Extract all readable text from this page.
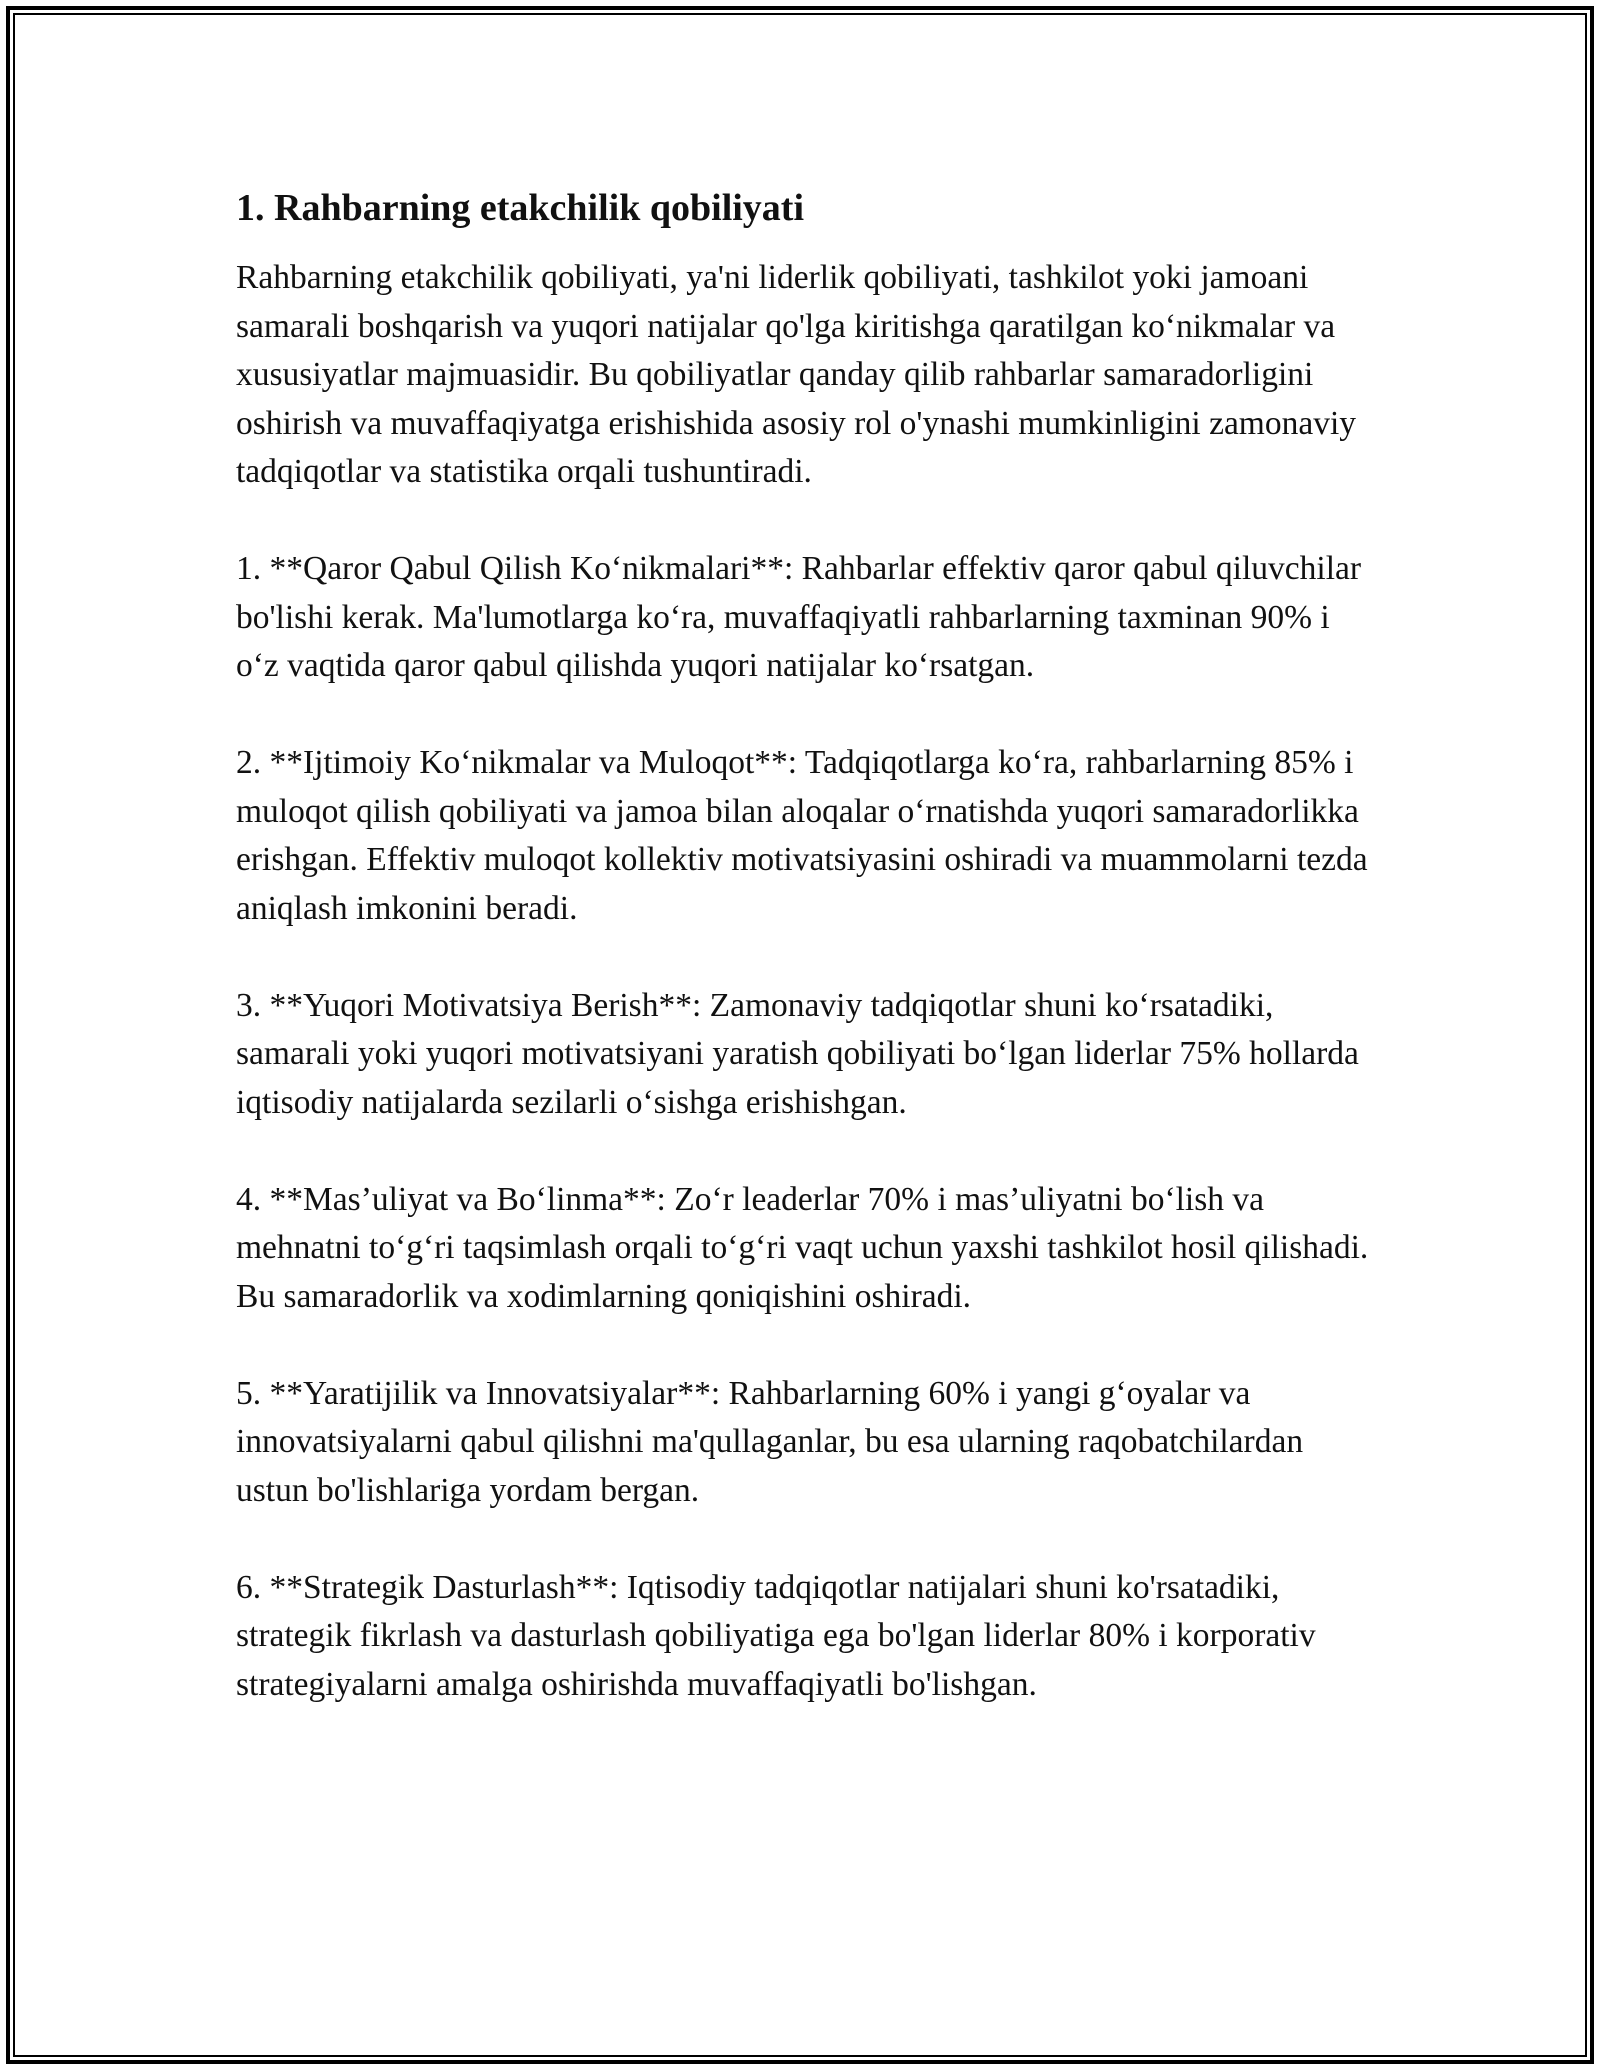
1. Rahbarning etakchilik qobiliyati

Rahbarning etakchilik qobiliyati, ya'ni liderlik qobiliyati, tashkilot yoki jamoani samarali boshqarish va yuqori natijalar qo'lga kiritishga qaratilgan ko‘nikmalar va xususiyatlar majmuasidir. Bu qobiliyatlar qanday qilib rahbarlar samaradorligini oshirish va muvaffaqiyatga erishishida asosiy rol o'ynashi mumkinligini zamonaviy tadqiqotlar va statistika orqali tushuntiradi.

1. **Qaror Qabul Qilish Ko‘nikmalari**: Rahbarlar effektiv qaror qabul qiluvchilar bo'lishi kerak. Ma'lumotlarga ko‘ra, muvaffaqiyatli rahbarlarning taxminan 90% i o‘z vaqtida qaror qabul qilishda yuqori natijalar ko‘rsatgan.

2. **Ijtimoiy Ko‘nikmalar va Muloqot**: Tadqiqotlarga ko‘ra, rahbarlarning 85% i muloqot qilish qobiliyati va jamoa bilan aloqalar o‘rnatishda yuqori samaradorlikka erishgan. Effektiv muloqot kollektiv motivatsiyasini oshiradi va muammolarni tezda aniqlash imkonini beradi.

3. **Yuqori Motivatsiya Berish**: Zamonaviy tadqiqotlar shuni ko‘rsatadiki, samarali yoki yuqori motivatsiyani yaratish qobiliyati bo‘lgan liderlar 75% hollarda iqtisodiy natijalarda sezilarli o‘sishga erishishgan.

4. **Mas’uliyat va Bo‘linma**: Zo‘r leaderlar 70% i mas’uliyatni bo‘lish va mehnatni to‘g‘ri taqsimlash orqali to‘g‘ri vaqt uchun yaxshi tashkilot hosil qilishadi. Bu samaradorlik va xodimlarning qoniqishini oshiradi.

5. **Yaratijilik va Innovatsiyalar**: Rahbarlarning 60% i yangi g‘oyalar va innovatsiyalarni qabul qilishni ma'qullaganlar, bu esa ularning raqobatchilardan ustun bo'lishlariga yordam bergan.

6. **Strategik Dasturlash**: Iqtisodiy tadqiqotlar natijalari shuni ko'rsatadiki, strategik fikrlash va dasturlash qobiliyatiga ega bo'lgan liderlar 80% i korporativ strategiyalarni amalga oshirishda muvaffaqiyatli bo'lishgan.
